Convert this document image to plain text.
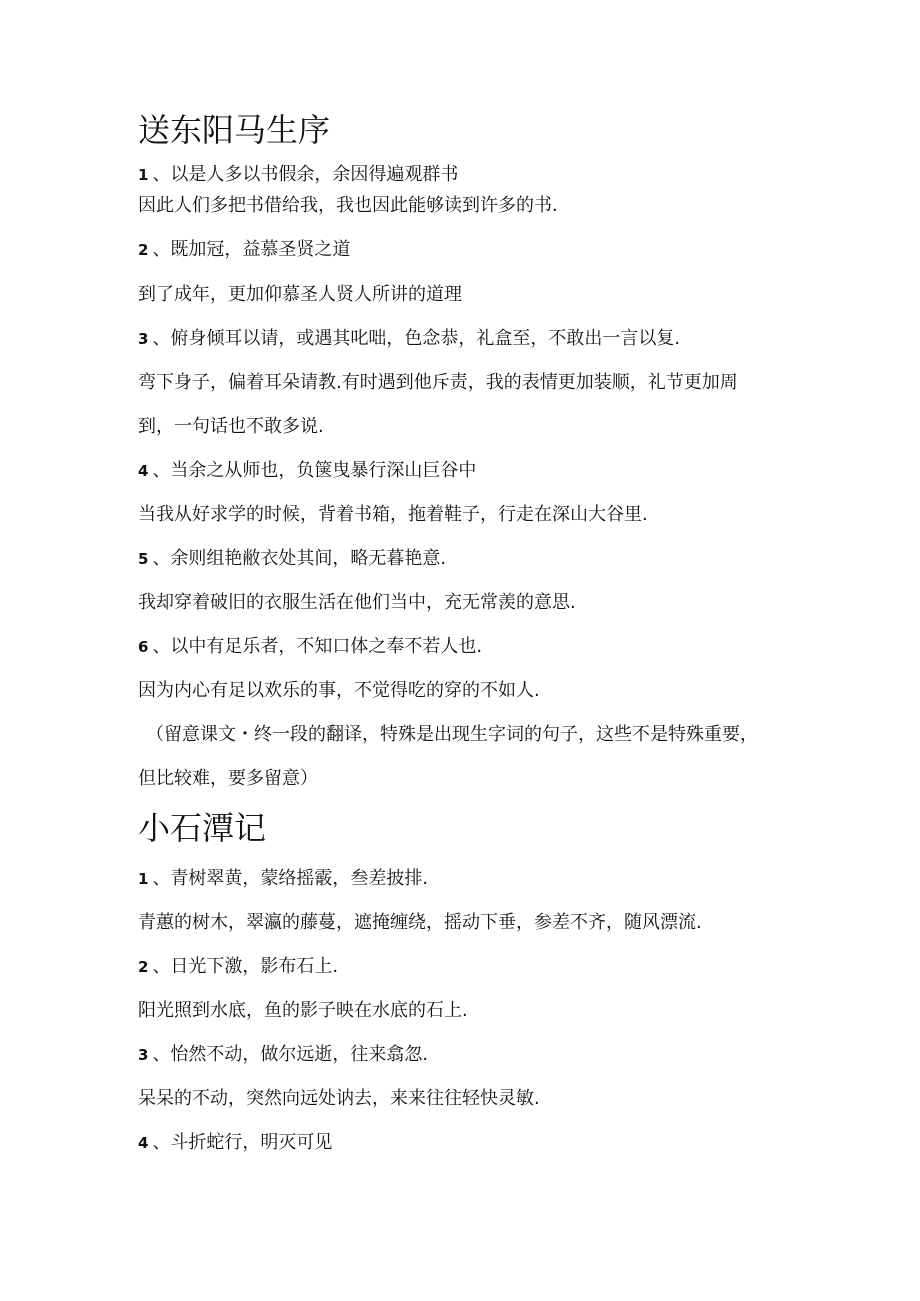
送东阳马生序
1 、以是人多以书假余，余因得遍观群书
因此人们多把书借给我，我也因此能够读到许多的书.
2 、既加冠，益慕圣贤之道
到了成年，更加仰慕圣人贤人所讲的道理
3 、俯身倾耳以请，或遇其叱咄，色念恭，礼盒至，不敢出一言以复.
弯下身子，偏着耳朵请教.有时遇到他斥责，我的表情更加装顺，礼节更加周
到，一句话也不敢多说.
4 、当余之从师也，负箧曳暴行深山巨谷中
当我从好求学的时候，背着书箱，拖着鞋子，行走在深山大谷里.
5 、余则组艳敝衣处其间，略无暮艳意.
我却穿着破旧的衣服生活在他们当中，充无常羡的意思.
6 、以中有足乐者，不知口体之奉不若人也.
因为内心有足以欢乐的事，不觉得吃的穿的不如人.
（留意课文・终一段的翻译，特殊是出现生字词的句子，这些不是特殊重要，
但比较难，要多留意）
小石潭记
1 、青树翠黄，蒙络摇霰，叁差披排.
青蕙的树木，翠瀛的藤蔓，遮掩缠绕，摇动下垂，参差不齐，随风漂流.
2 、日光下激，影布石上.
阳光照到水底，鱼的影子映在水底的石上.
3 、怡然不动，做尔远逝，往来翕忽.
呆呆的不动，突然向远处讷去，来来往往轻快灵敏.
4 、斗折蛇行，明灭可见
